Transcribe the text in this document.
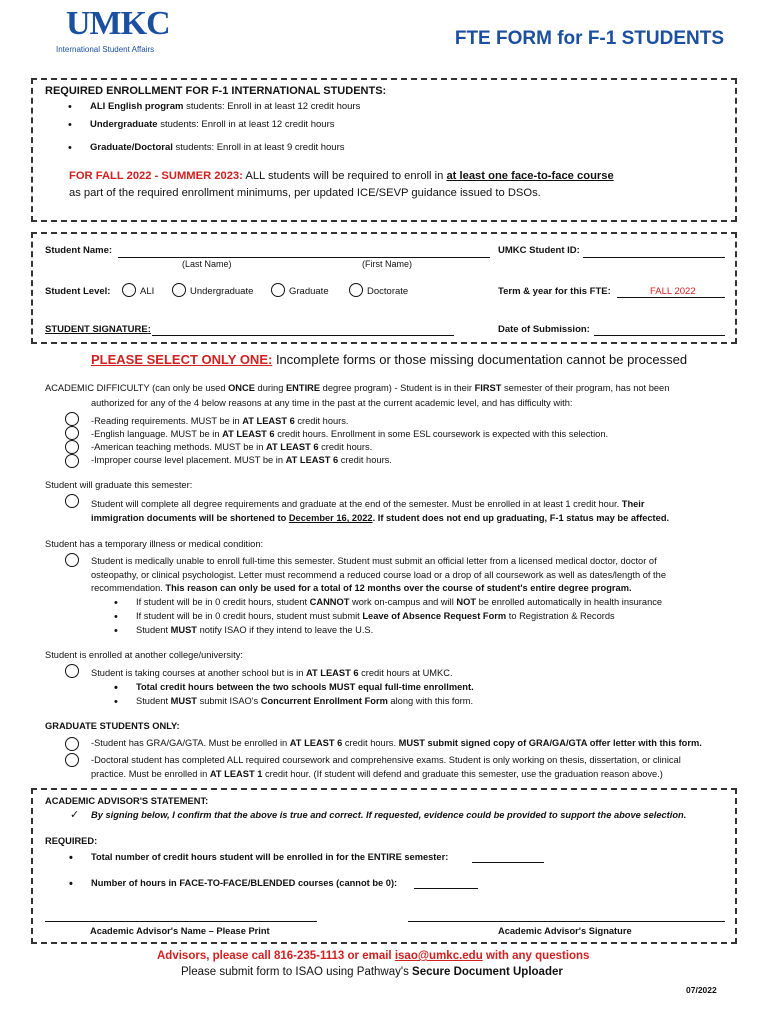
UMKC
International Student Affairs
FTE FORM for F-1 STUDENTS
REQUIRED ENROLLMENT FOR F-1 INTERNATIONAL STUDENTS:
• ALI English program students: Enroll in at least 12 credit hours
• Undergraduate students: Enroll in at least 12 credit hours
• Graduate/Doctoral students: Enroll in at least 9 credit hours
FOR FALL 2022 - SUMMER 2023: ALL students will be required to enroll in at least one face-to-face course
as part of the required enrollment minimums, per updated ICE/SEVP guidance issued to DSOs.
Student Name:
(Last Name)	(First Name)
UMKC Student ID:
Student Level:	ALI	Undergraduate	Graduate	Doctorate	Term & year for this FTE:	FALL 2022
STUDENT SIGNATURE:	Date of Submission:
PLEASE SELECT ONLY ONE: Incomplete forms or those missing documentation cannot be processed
ACADEMIC DIFFICULTY (can only be used ONCE during ENTIRE degree program) - Student is in their FIRST semester of their program, has not been
authorized for any of the 4 below reasons at any time in the past at the current academic level, and has difficulty with:
-Reading requirements. MUST be in AT LEAST 6 credit hours.
-English language. MUST be in AT LEAST 6 credit hours. Enrollment in some ESL coursework is expected with this selection.
-American teaching methods. MUST be in AT LEAST 6 credit hours.
-Improper course level placement. MUST be in AT LEAST 6 credit hours.
Student will graduate this semester:
Student will complete all degree requirements and graduate at the end of the semester. Must be enrolled in at least 1 credit hour. Their
immigration documents will be shortened to December 16, 2022. If student does not end up graduating, F-1 status may be affected.
Student has a temporary illness or medical condition:
Student is medically unable to enroll full-time this semester. Student must submit an official letter from a licensed medical doctor, doctor of
osteopathy, or clinical psychologist. Letter must recommend a reduced course load or a drop of all coursework as well as dates/length of the
recommendation. This reason can only be used for a total of 12 months over the course of student's entire degree program.
• If student will be in 0 credit hours, student CANNOT work on-campus and will NOT be enrolled automatically in health insurance
• If student will be in 0 credit hours, student must submit Leave of Absence Request Form to Registration & Records
• Student MUST notify ISAO if they intend to leave the U.S.
Student is enrolled at another college/university:
Student is taking courses at another school but is in AT LEAST 6 credit hours at UMKC.
• Total credit hours between the two schools MUST equal full-time enrollment.
• Student MUST submit ISAO's Concurrent Enrollment Form along with this form.
GRADUATE STUDENTS ONLY:
-Student has GRA/GA/GTA. Must be enrolled in AT LEAST 6 credit hours. MUST submit signed copy of GRA/GA/GTA offer letter with this form.
-Doctoral student has completed ALL required coursework and comprehensive exams. Student is only working on thesis, dissertation, or clinical
practice. Must be enrolled in AT LEAST 1 credit hour. (If student will defend and graduate this semester, use the graduation reason above.)
ACADEMIC ADVISOR'S STATEMENT:
✓ By signing below, I confirm that the above is true and correct. If requested, evidence could be provided to support the above selection.
REQUIRED:
• Total number of credit hours student will be enrolled in for the ENTIRE semester:
• Number of hours in FACE-TO-FACE/BLENDED courses (cannot be 0):
Academic Advisor's Name – Please Print	Academic Advisor's Signature
Advisors, please call 816-235-1113 or email isao@umkc.edu with any questions
Please submit form to ISAO using Pathway's Secure Document Uploader
07/2022
